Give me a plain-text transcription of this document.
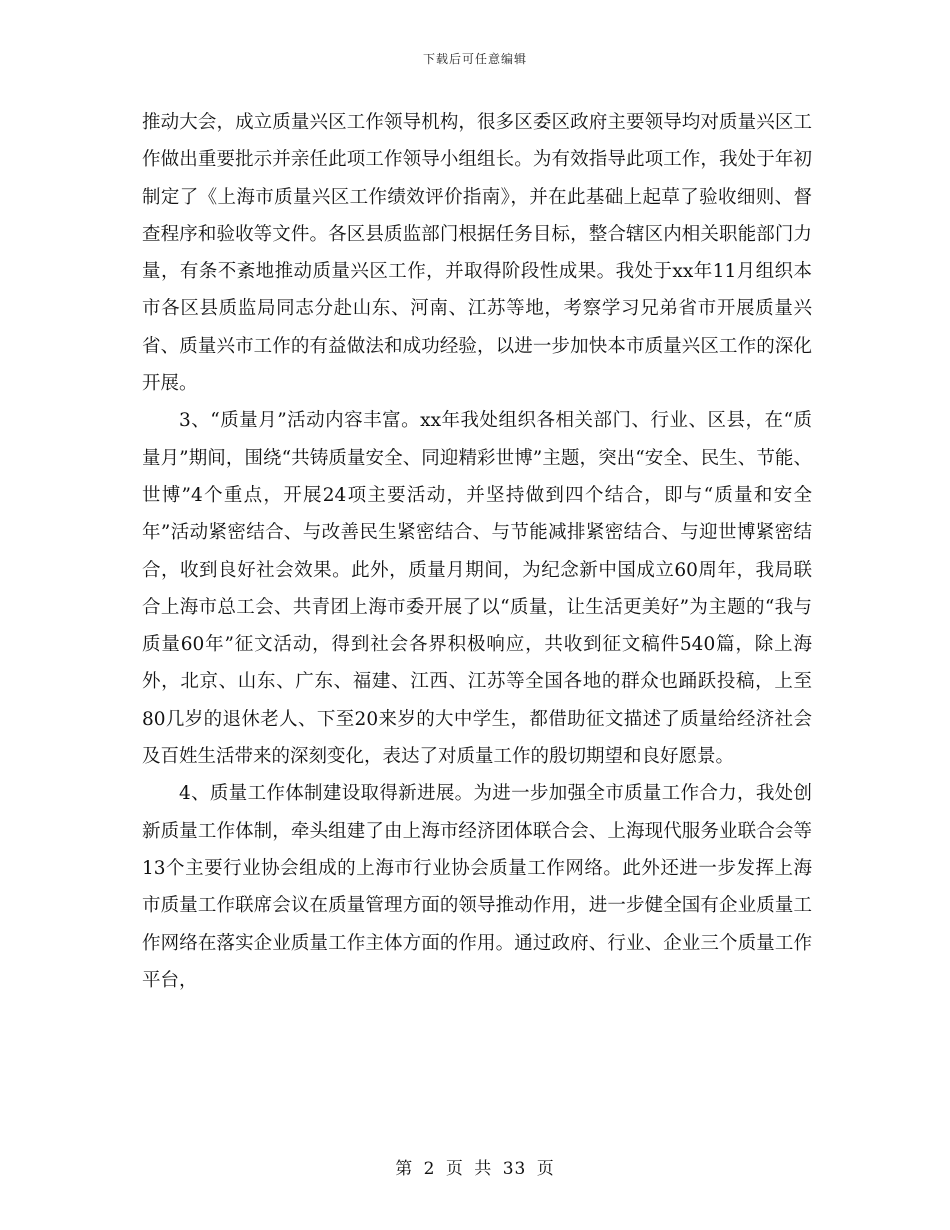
下载后可任意编辑

推动大会，成立质量兴区工作领导机构，很多区委区政府主要领导均对质量兴区工作做出重要批示并亲任此项工作领导小组组长。为有效指导此项工作，我处于年初制定了《上海市质量兴区工作绩效评价指南》，并在此基础上起草了验收细则、督查程序和验收等文件。各区县质监部门根据任务目标，整合辖区内相关职能部门力量，有条不紊地推动质量兴区工作，并取得阶段性成果。我处于xx年11月组织本市各区县质监局同志分赴山东、河南、江苏等地，考察学习兄弟省市开展质量兴省、质量兴市工作的有益做法和成功经验，以进一步加快本市质量兴区工作的深化开展。

3、“质量月”活动内容丰富。xx年我处组织各相关部门、行业、区县，在“质量月”期间，围绕“共铸质量安全、同迎精彩世博”主题，突出“安全、民生、节能、世博”4个重点，开展24项主要活动，并坚持做到四个结合，即与“质量和安全年”活动紧密结合、与改善民生紧密结合、与节能减排紧密结合、与迎世博紧密结合，收到良好社会效果。此外，质量月期间，为纪念新中国成立60周年，我局联合上海市总工会、共青团上海市委开展了以“质量，让生活更美好”为主题的“我与质量60年”征文活动，得到社会各界积极响应，共收到征文稿件540篇，除上海外，北京、山东、广东、福建、江西、江苏等全国各地的群众也踊跃投稿，上至80几岁的退休老人、下至20来岁的大中学生，都借助征文描述了质量给经济社会及百姓生活带来的深刻变化，表达了对质量工作的殷切期望和良好愿景。

4、质量工作体制建设取得新进展。为进一步加强全市质量工作合力，我处创新质量工作体制，牵头组建了由上海市经济团体联合会、上海现代服务业联合会等13个主要行业协会组成的上海市行业协会质量工作网络。此外还进一步发挥上海市质量工作联席会议在质量管理方面的领导推动作用，进一步健全国有企业质量工作网络在落实企业质量工作主体方面的作用。通过政府、行业、企业三个质量工作平台，

第 2 页 共 33 页
